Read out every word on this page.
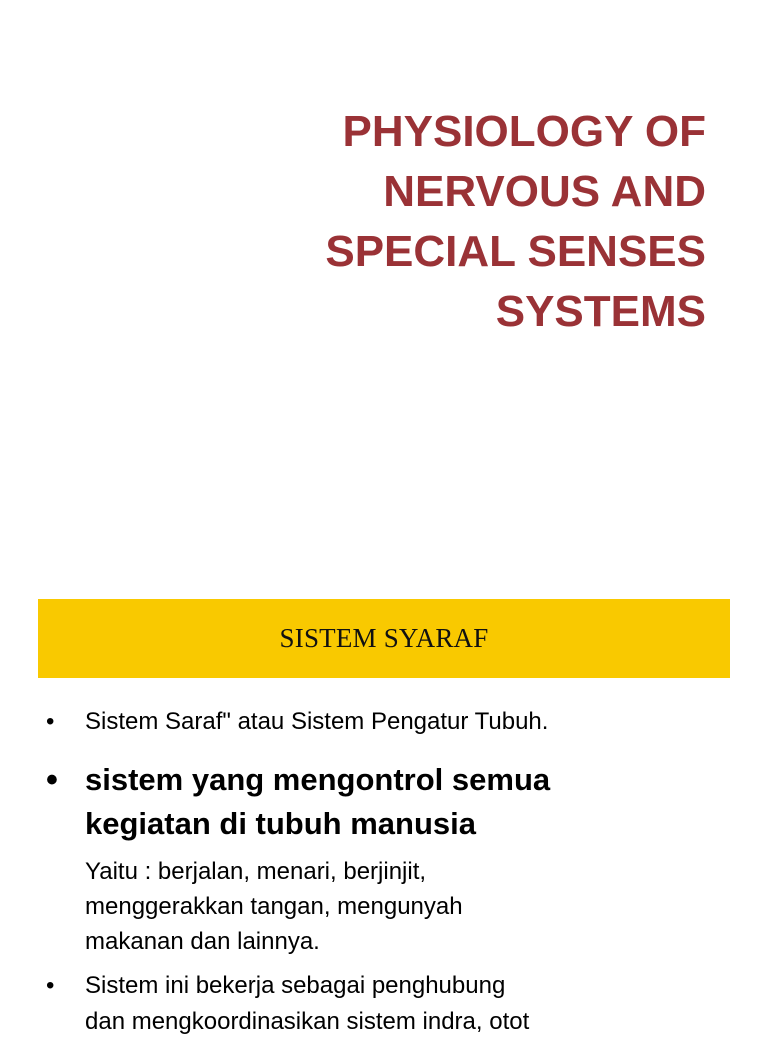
PHYSIOLOGY OF
NERVOUS AND
SPECIAL SENSES
SYSTEMS
SISTEM SYARAF
• Sistem Saraf" atau Sistem Pengatur Tubuh.
• sistem yang mengontrol semua
kegiatan di tubuh manusia
Yaitu : berjalan, menari, berjinjit,
menggerakkan tangan, mengunyah
makanan dan lainnya.
• Sistem ini bekerja sebagai penghubung
dan mengkoordinasikan sistem indra, otot
